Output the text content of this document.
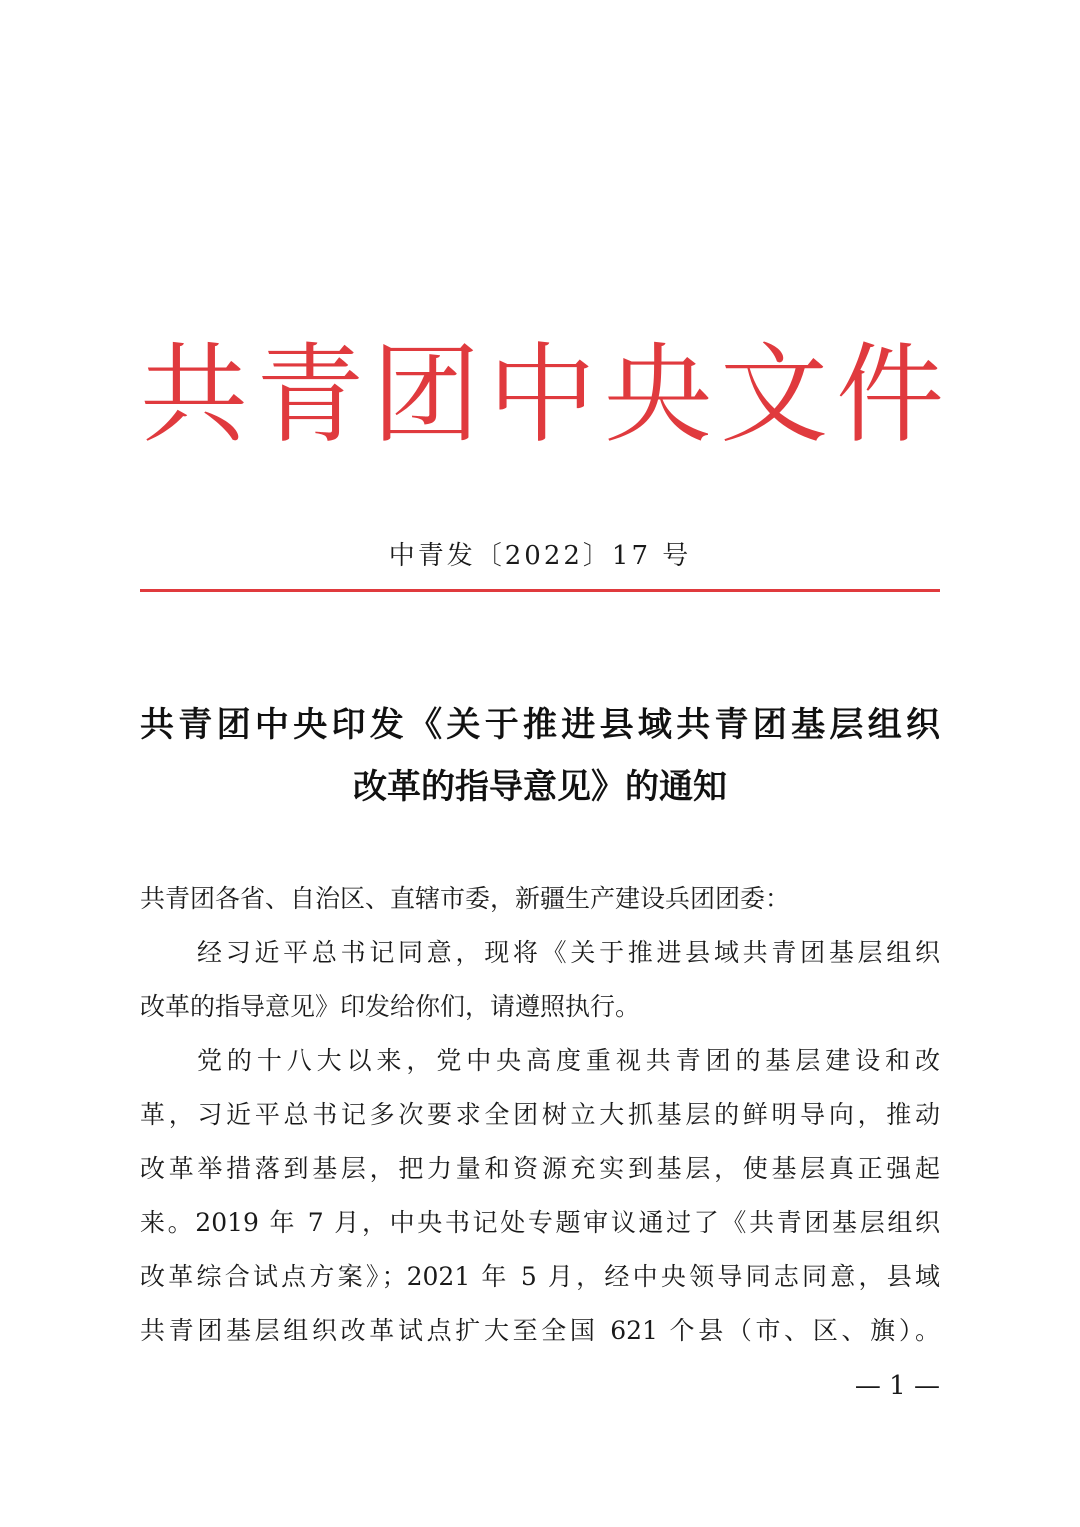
共 青 团 中 央 文 件
中青发〔2022〕17 号
共青团中央印发《关于推进县域共青团基层组织
改革的指导意见》的通知
共青团各省、自治区、直辖市委，新疆生产建设兵团团委：
经习近平总书记同意，现将《关于推进县域共青团基层组织
改革的指导意见》印发给你们，请遵照执行。
党的十八大以来，党中央高度重视共青团的基层建设和改
革，习近平总书记多次要求全团树立大抓基层的鲜明导向，推动
改革举措落到基层，把力量和资源充实到基层，使基层真正强起
来。2019 年 7 月，中央书记处专题审议通过了《共青团基层组织
改革综合试点方案》；2021 年 5 月，经中央领导同志同意，县域
共青团基层组织改革试点扩大至全国 621 个县（市、区、旗）。
— 1 —
